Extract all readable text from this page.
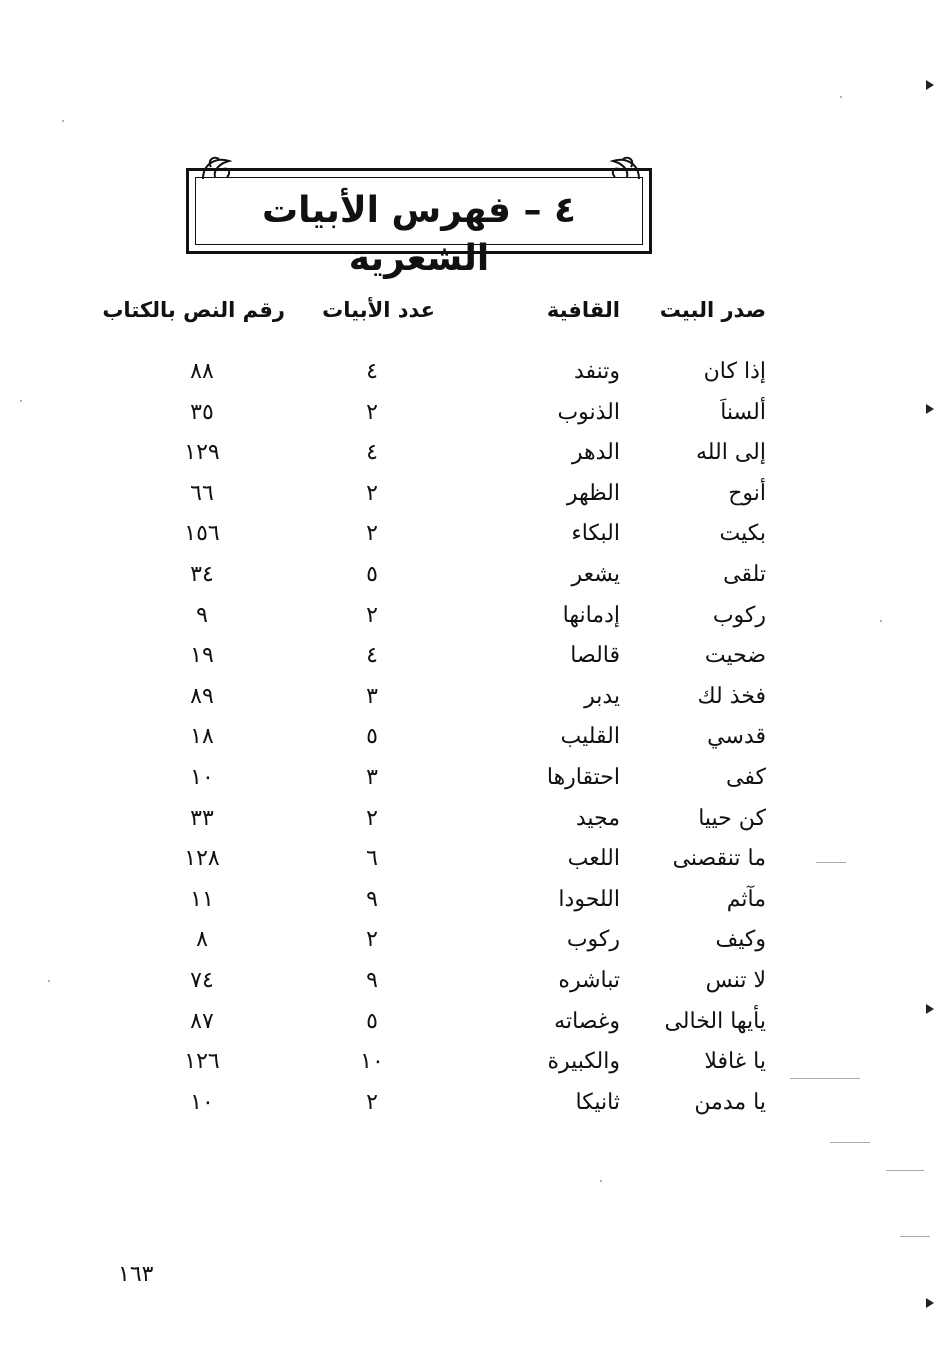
٤ – فهرس الأبيات الشعرية
صدر البيت
القافية
عدد الأبيات
رقم النص بالكتاب
إذا كان
وتنفد
٤
٨٨
ألسناَ
الذنوب
٢
٣٥
إلى الله
الدهر
٤
١٢٩
أنوح
الظهر
٢
٦٦
بكيت
البكاء
٢
١٥٦
تلقى
يشعر
٥
٣٤
ركوب
إدمانها
٢
٩
ضحيت
قالصا
٤
١٩
فخذ لك
يدبر
٣
٨٩
قدسي
القليب
٥
١٨
كفى
احتقارها
٣
١٠
كن حييا
مجيد
٢
٣٣
ما تنقصنى
اللعب
٦
١٢٨
مآثم
اللحودا
٩
١١
وكيف
ركوب
٢
٨
لا تنس
تباشره
٩
٧٤
يأيها الخالى
وغصاته
٥
٨٧
يا غافلا
والكبيرة
١٠
١٢٦
يا مدمن
ثانيكا
٢
١٠
١٦٣
